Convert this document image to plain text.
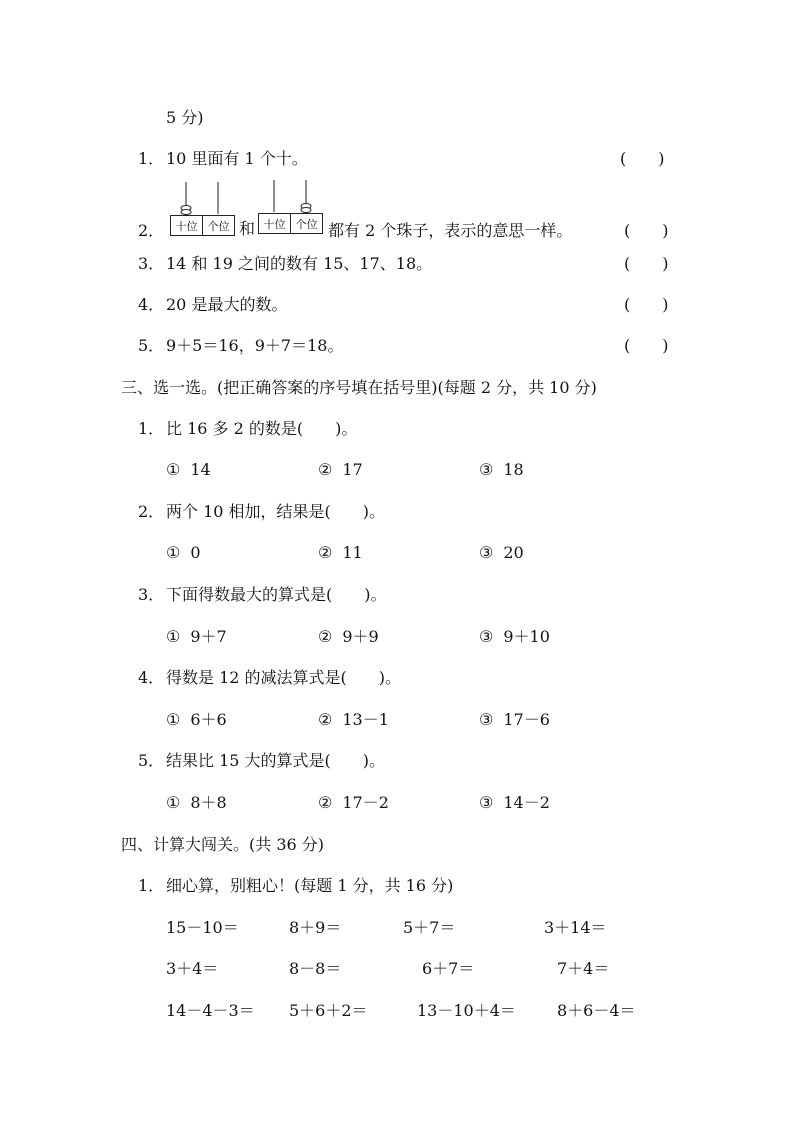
5 分)
1． 10 里面有 1 个十。	(　　)
2． 十位 个位 和 十位 个位 都有 2 个珠子，表示的意思一样。	(　　)
3． 14 和 19 之间的数有 15、17、18。	(　　)
4． 20 是最大的数。	(　　)
5． 9＋5＝16，9＋7＝18。	(　　)
三、选一选。(把正确答案的序号填在括号里)(每题 2 分，共 10 分)
1． 比 16 多 2 的数是(　　)。
① 14	② 17	③ 18
2． 两个 10 相加，结果是(　　)。
① 0	② 11	③ 20
3． 下面得数最大的算式是(　　)。
① 9＋7	② 9＋9	③ 9＋10
4． 得数是 12 的减法算式是(　　)。
① 6＋6	② 13－1	③ 17－6
5． 结果比 15 大的算式是(　　)。
① 8＋8	② 17－2	③ 14－2
四、计算大闯关。(共 36 分)
1． 细心算，别粗心！(每题 1 分，共 16 分)
15－10＝	8＋9＝	5＋7＝	3＋14＝
3＋4＝	8－8＝	6＋7＝	7＋4＝
14－4－3＝ 5＋6＋2＝	13－10＋4＝	8＋6－4＝
